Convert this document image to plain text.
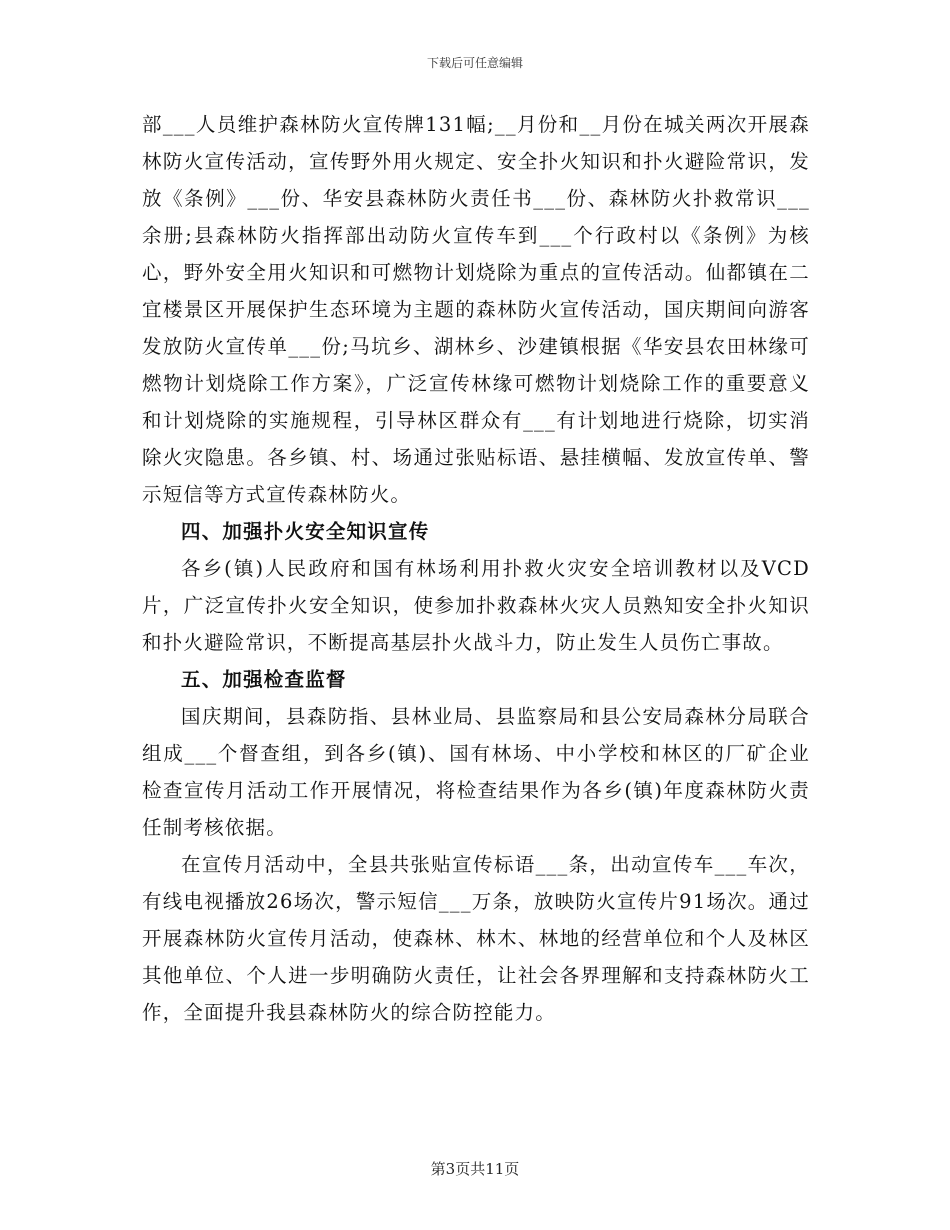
下载后可任意编辑

部___人员维护森林防火宣传牌131幅;__月份和__月份在城关两次开展森林防火宣传活动，宣传野外用火规定、安全扑火知识和扑火避险常识，发放《条例》___份、华安县森林防火责任书___份、森林防火扑救常识___余册;县森林防火指挥部出动防火宣传车到___个行政村以《条例》为核心，野外安全用火知识和可燃物计划烧除为重点的宣传活动。仙都镇在二宜楼景区开展保护生态环境为主题的森林防火宣传活动，国庆期间向游客发放防火宣传单___份;马坑乡、湖林乡、沙建镇根据《华安县农田林缘可燃物计划烧除工作方案》，广泛宣传林缘可燃物计划烧除工作的重要意义和计划烧除的实施规程，引导林区群众有___有计划地进行烧除，切实消除火灾隐患。各乡镇、村、场通过张贴标语、悬挂横幅、发放宣传单、警示短信等方式宣传森林防火。

四、加强扑火安全知识宣传

各乡(镇)人民政府和国有林场利用扑救火灾安全培训教材以及VCD片，广泛宣传扑火安全知识，使参加扑救森林火灾人员熟知安全扑火知识和扑火避险常识，不断提高基层扑火战斗力，防止发生人员伤亡事故。

五、加强检查监督

国庆期间，县森防指、县林业局、县监察局和县公安局森林分局联合组成___个督查组，到各乡(镇)、国有林场、中小学校和林区的厂矿企业检查宣传月活动工作开展情况，将检查结果作为各乡(镇)年度森林防火责任制考核依据。

在宣传月活动中，全县共张贴宣传标语___条，出动宣传车___车次，有线电视播放26场次，警示短信___万条，放映防火宣传片91场次。通过开展森林防火宣传月活动，使森林、林木、林地的经营单位和个人及林区其他单位、个人进一步明确防火责任，让社会各界理解和支持森林防火工作，全面提升我县森林防火的综合防控能力。

第3页共11页
